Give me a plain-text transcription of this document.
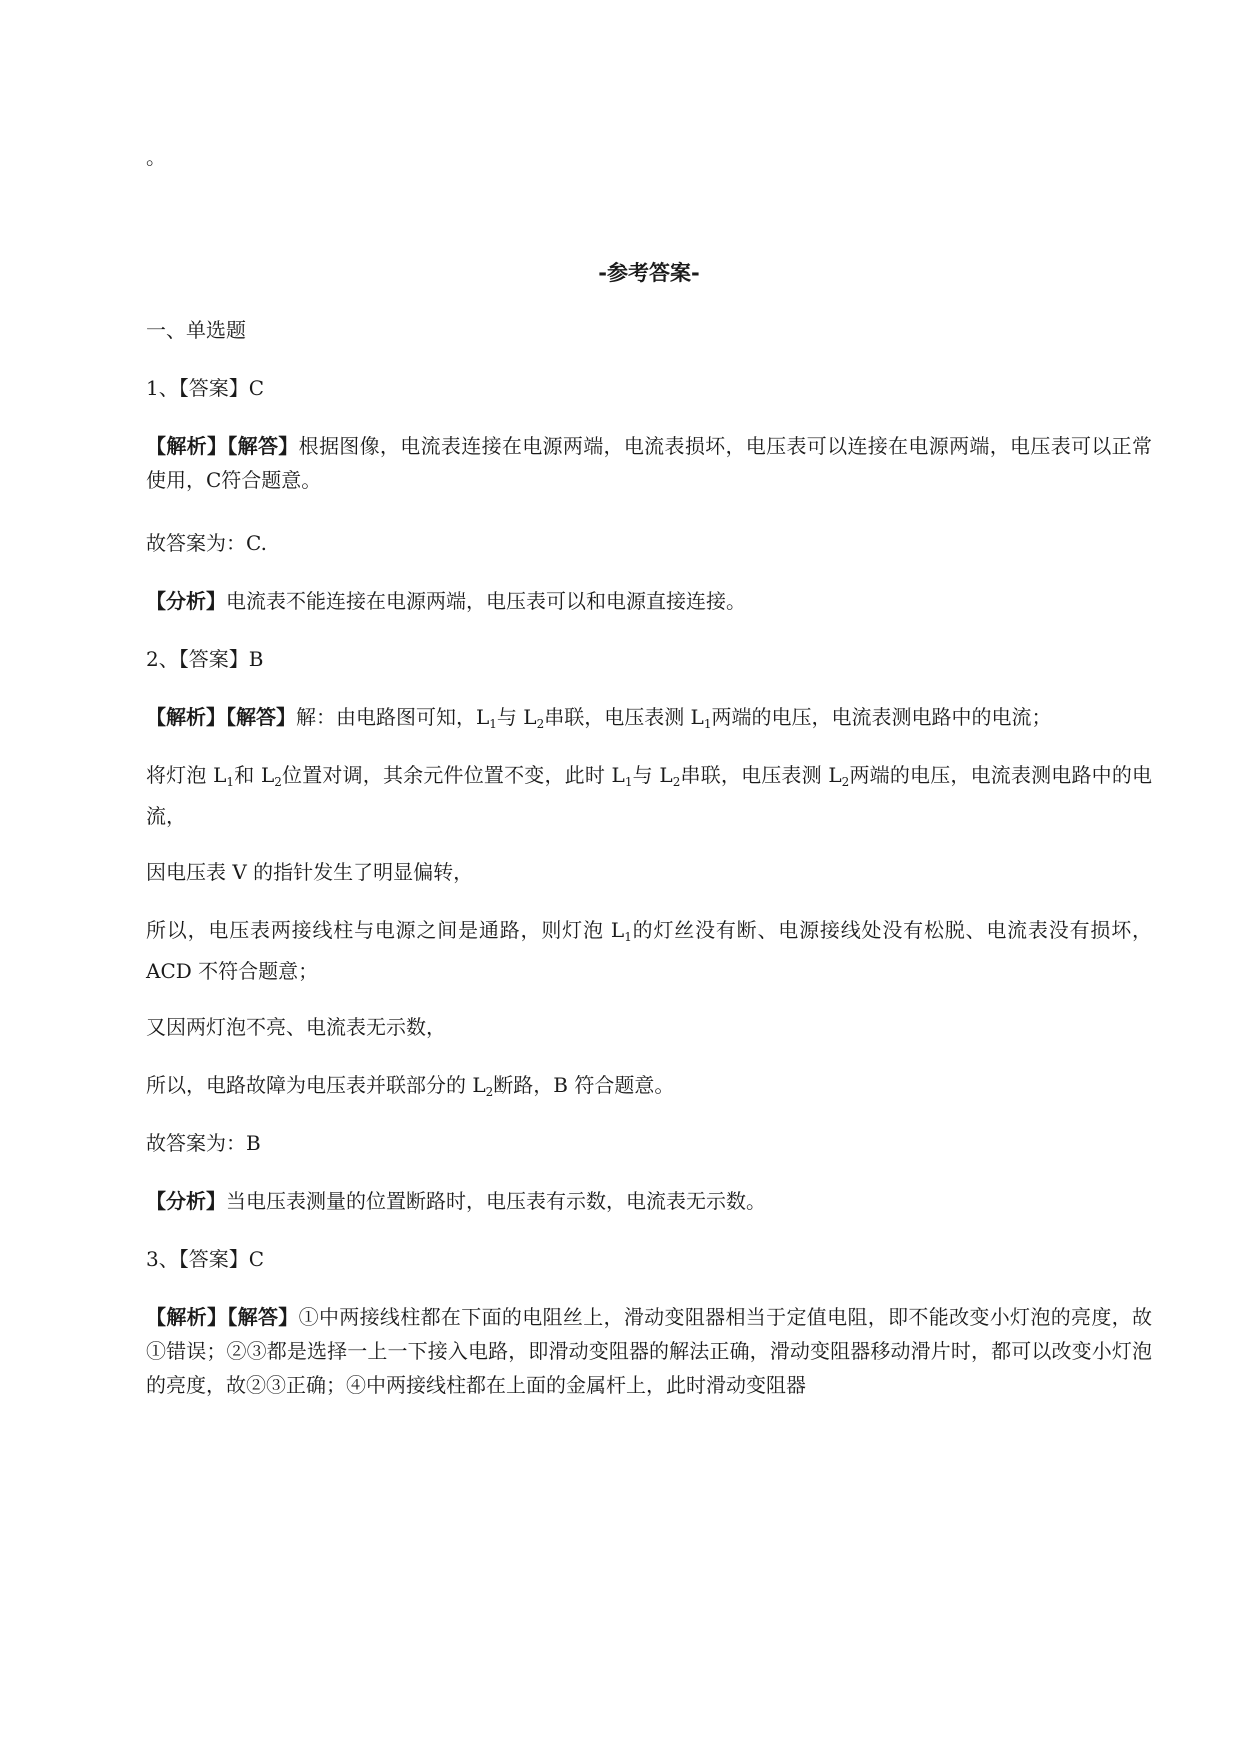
。
-参考答案-
一、单选题
1、【答案】C
【解析】【解答】根据图像，电流表连接在电源两端，电流表损坏，电压表可以连接在电源两端，电压表可以正常使用，C符合题意。
故答案为：C.
【分析】电流表不能连接在电源两端，电压表可以和电源直接连接。
2、【答案】B
【解析】【解答】解：由电路图可知，$L_1$与 $L_2$串联，电压表测 $L_1$两端的电压，电流表测电路中的电流；
将灯泡 $L_1$和 $L_2$位置对调，其余元件位置不变，此时 $L_1$与 $L_2$串联，电压表测 $L_2$两端的电压，电流表测电路中的电流，
因电压表 V 的指针发生了明显偏转，
所以，电压表两接线柱与电源之间是通路，则灯泡 $L_1$的灯丝没有断、电源接线处没有松脱、电流表没有损坏，ACD 不符合题意；
又因两灯泡不亮、电流表无示数，
所以，电路故障为电压表并联部分的 $L_2$断路，B 符合题意。
故答案为：B
【分析】当电压表测量的位置断路时，电压表有示数，电流表无示数。
3、【答案】C
【解析】【解答】①中两接线柱都在下面的电阻丝上，滑动变阻器相当于定值电阻，即不能改变小灯泡的亮度，故①错误；②③都是选择一上一下接入电路，即滑动变阻器的解法正确，滑动变阻器移动滑片时，都可以改变小灯泡的亮度，故②③正确；④中两接线柱都在上面的金属杆上，此时滑动变阻器
